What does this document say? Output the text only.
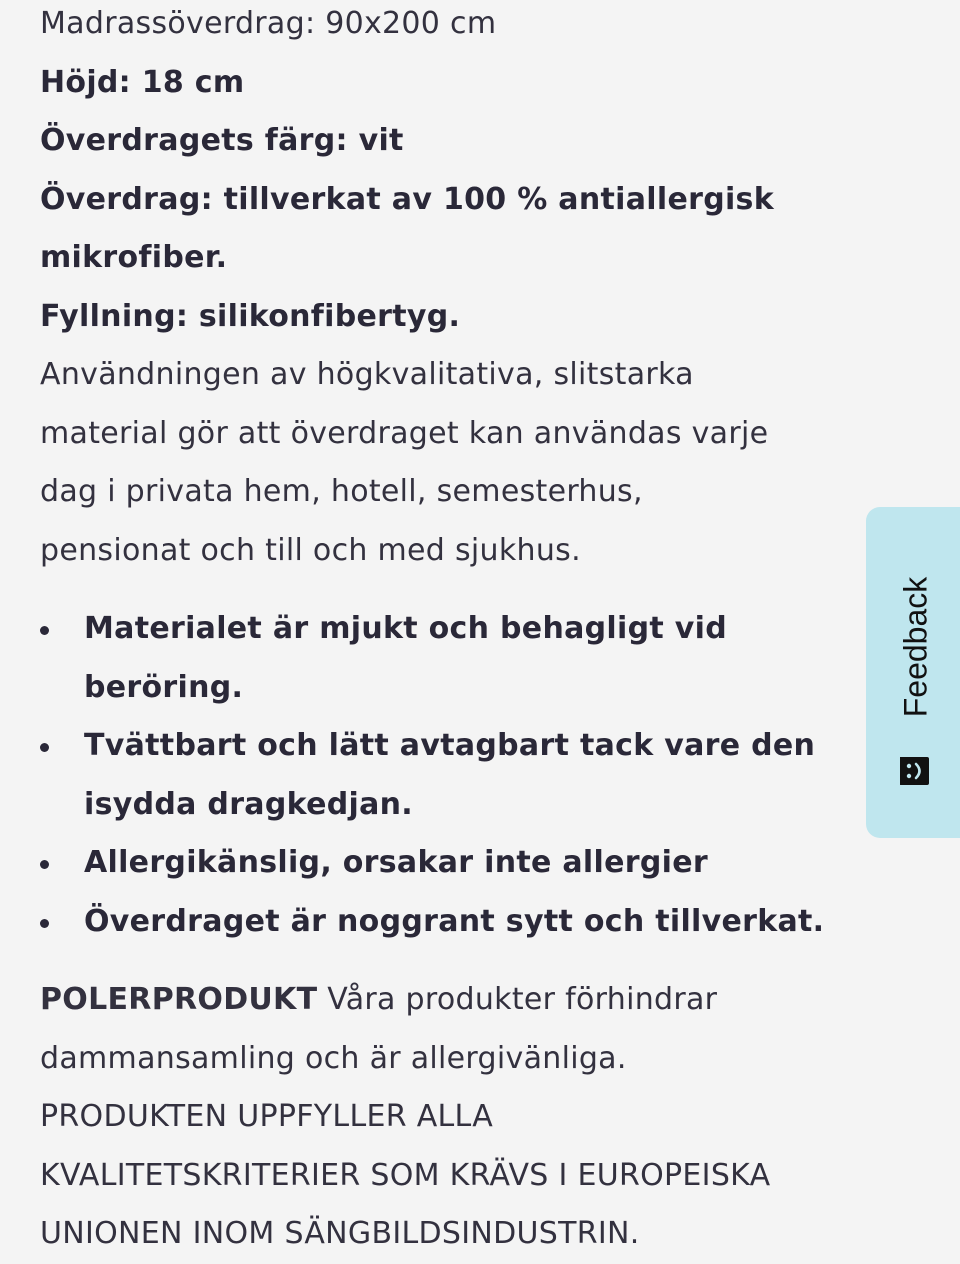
Madrassöverdrag: 90x200 cm
Höjd: 18 cm
Överdragets färg: vit
Överdrag: tillverkat av 100 % antiallergisk
mikrofiber.
Fyllning: silikonfibertyg.
Användningen av högkvalitativa, slitstarka
material gör att överdraget kan användas varje
dag i privata hem, hotell, semesterhus,
pensionat och till och med sjukhus.
Materialet är mjukt och behagligt vid
beröring.
Tvättbart och lätt avtagbart tack vare den
isydda dragkedjan.
Allergikänslig, orsakar inte allergier
Överdraget är noggrant sytt och tillverkat.
POLERPRODUKT Våra produkter förhindrar
dammansamling och är allergivänliga.
PRODUKTEN UPPFYLLER ALLA
KVALITETSKRITERIER SOM KRÄVS I EUROPEISKA
UNIONEN INOM SÄNGBILDSINDUSTRIN.
Feedback
